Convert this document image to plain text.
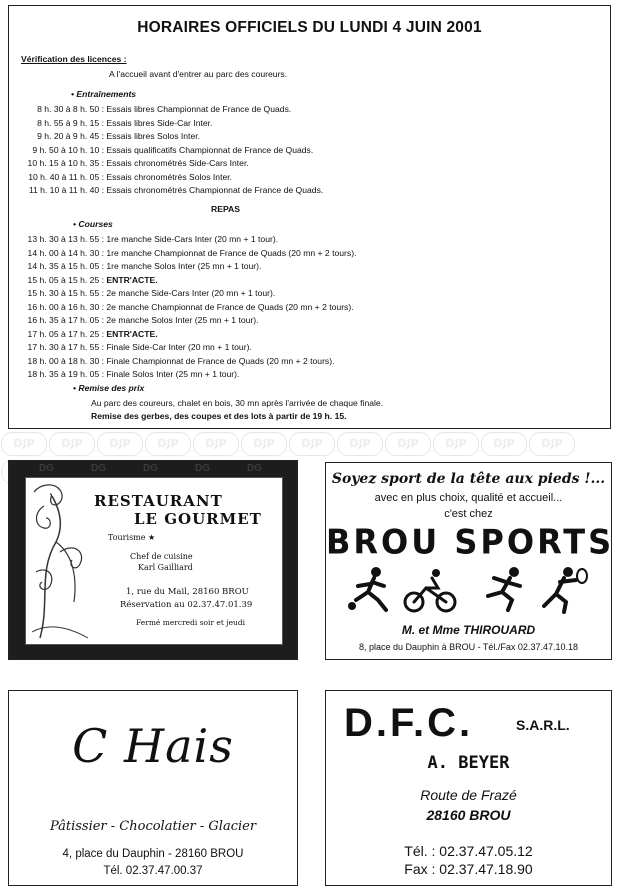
HORAIRES OFFICIELS DU LUNDI 4 JUIN 2001
Vérification des licences :
A l'accueil avant d'entrer au parc des coureurs.
• Entraînements
8 h. 30 à 8 h. 50 : Essais libres Championnat de France de Quads.
8 h. 55 à 9 h. 15 : Essais libres Side-Car Inter.
9 h. 20 à 9 h. 45 : Essais libres Solos Inter.
9 h. 50 à 10 h. 10 : Essais qualificatifs Championnat de France de Quads.
10 h. 15 à 10 h. 35 : Essais chronométrés Side-Cars Inter.
10 h. 40 à 11 h. 05 : Essais chronométrés Solos Inter.
11 h. 10 à 11 h. 40 : Essais chronométrés Championnat de France de Quads.
REPAS
• Courses
13 h. 30 à 13 h. 55 : 1re manche Side-Cars Inter (20 mn + 1 tour).
14 h. 00 à 14 h. 30 : 1re manche Championnat de France de Quads (20 mn + 2 tours).
14 h. 35 à 15 h. 05 : 1re manche Solos Inter (25 mn + 1 tour).
15 h. 05 à 15 h. 25 : ENTR'ACTE.
15 h. 30 à 15 h. 55 : 2e manche Side-Cars Inter (20 mn + 1 tour).
16 h. 00 à 16 h. 30 : 2e manche Championnat de France de Quads (20 mn + 2 tours).
16 h. 35 à 17 h. 05 : 2e manche Solos Inter (25 mn + 1 tour).
17 h. 05 à 17 h. 25 : ENTR'ACTE.
17 h. 30 à 17 h. 55 : Finale Side-Car Inter (20 mn + 1 tour).
18 h. 00 à 18 h. 30 : Finale Championnat de France de Quads (20 mn + 2 tours).
18 h. 35 à 19 h. 05 : Finale Solos Inter (25 mn + 1 tour).
• Remise des prix
Au parc des coureurs, chalet en bois, 30 mn après l'arrivée de chaque finale.
Remise des gerbes, des coupes et des lots à partir de 19 h. 15.
DJP DJP DJP DJP DJP DJP DJP DJP DJP DJP DJP DJP
DG	DG	DG	DG	DG
RESTAURANT
LE GOURMET
Tourisme ★
Chef de cuisine
Karl Gailliard
1, rue du Mail, 28160 BROU
Réservation au 02.37.47.01.39
Fermé mercredi soir et jeudi
Soyez sport de la tête aux pieds !...
avec en plus choix, qualité et accueil...
c'est chez
BROU SPORTS
M. et Mme THIROUARD
8, place du Dauphin à BROU - Tél./Fax 02.37.47.10.18
C Hais
Pâtissier - Chocolatier - Glacier
4, place du Dauphin - 28160 BROU
Tél. 02.37.47.00.37
D.F.C.	S.A.R.L.
A. BEYER
Route de Frazé
28160 BROU
Tél. : 02.37.47.05.12
Fax : 02.37.47.18.90
